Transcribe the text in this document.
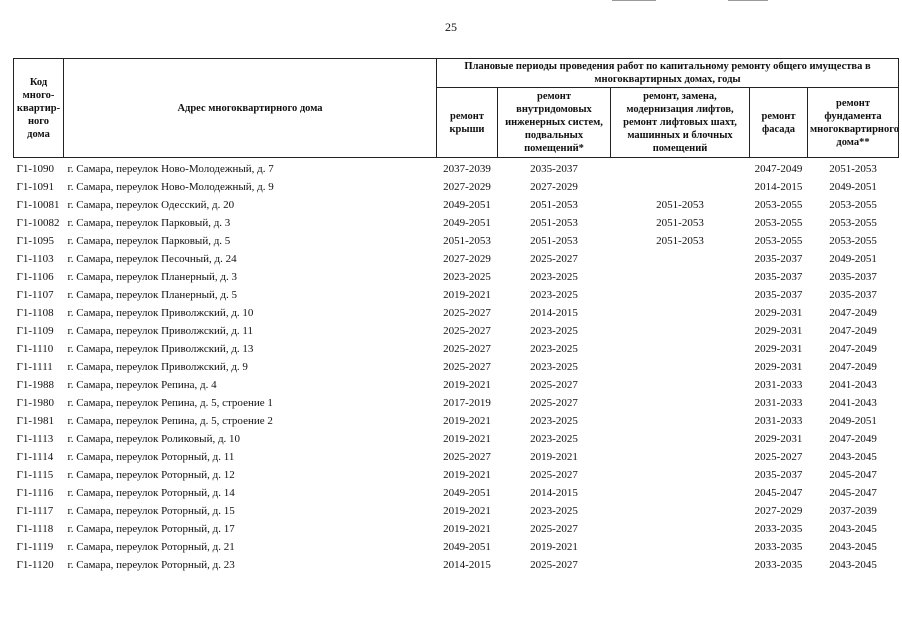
25
Код много-квартир-ного дома	Адрес многоквартирного дома	Плановые периоды проведения работ по капитальному ремонту общего имущества в многоквартирных домах, годы				
		ремонт крыши	ремонт внутридомовых инженерных систем, подвальных помещений*	ремонт, замена, модернизация лифтов, ремонт лифтовых шахт, машинных и блочных помещений	ремонт фасада	ремонт фундамента многоквартирного дома**
Г1-1090	г. Самара, переулок Ново-Молодежный, д. 7	2037-2039	2035-2037		2047-2049	2051-2053
Г1-1091	г. Самара, переулок Ново-Молодежный, д. 9	2027-2029	2027-2029		2014-2015	2049-2051
Г1-10081	г. Самара, переулок Одесский, д. 20	2049-2051	2051-2053	2051-2053	2053-2055	2053-2055
Г1-10082	г. Самара, переулок Парковый, д. 3	2049-2051	2051-2053	2051-2053	2053-2055	2053-2055
Г1-1095	г. Самара, переулок Парковый, д. 5	2051-2053	2051-2053	2051-2053	2053-2055	2053-2055
Г1-1103	г. Самара, переулок Песочный, д. 24	2027-2029	2025-2027		2035-2037	2049-2051
Г1-1106	г. Самара, переулок Планерный, д. 3	2023-2025	2023-2025		2035-2037	2035-2037
Г1-1107	г. Самара, переулок Планерный, д. 5	2019-2021	2023-2025		2035-2037	2035-2037
Г1-1108	г. Самара, переулок Приволжский, д. 10	2025-2027	2014-2015		2029-2031	2047-2049
Г1-1109	г. Самара, переулок Приволжский, д. 11	2025-2027	2023-2025		2029-2031	2047-2049
Г1-1110	г. Самара, переулок Приволжский, д. 13	2025-2027	2023-2025		2029-2031	2047-2049
Г1-1111	г. Самара, переулок Приволжский, д. 9	2025-2027	2023-2025		2029-2031	2047-2049
Г1-1988	г. Самара, переулок Репина, д. 4	2019-2021	2025-2027		2031-2033	2041-2043
Г1-1980	г. Самара, переулок Репина, д. 5, строение 1	2017-2019	2025-2027		2031-2033	2041-2043
Г1-1981	г. Самара, переулок Репина, д. 5, строение 2	2019-2021	2023-2025		2031-2033	2049-2051
Г1-1113	г. Самара, переулок Роликовый, д. 10	2019-2021	2023-2025		2029-2031	2047-2049
Г1-1114	г. Самара, переулок Роторный, д. 11	2025-2027	2019-2021		2025-2027	2043-2045
Г1-1115	г. Самара, переулок Роторный, д. 12	2019-2021	2025-2027		2035-2037	2045-2047
Г1-1116	г. Самара, переулок Роторный, д. 14	2049-2051	2014-2015		2045-2047	2045-2047
Г1-1117	г. Самара, переулок Роторный, д. 15	2019-2021	2023-2025		2027-2029	2037-2039
Г1-1118	г. Самара, переулок Роторный, д. 17	2019-2021	2025-2027		2033-2035	2043-2045
Г1-1119	г. Самара, переулок Роторный, д. 21	2049-2051	2019-2021		2033-2035	2043-2045
Г1-1120	г. Самара, переулок Роторный, д. 23	2014-2015	2025-2027		2033-2035	2043-2045
